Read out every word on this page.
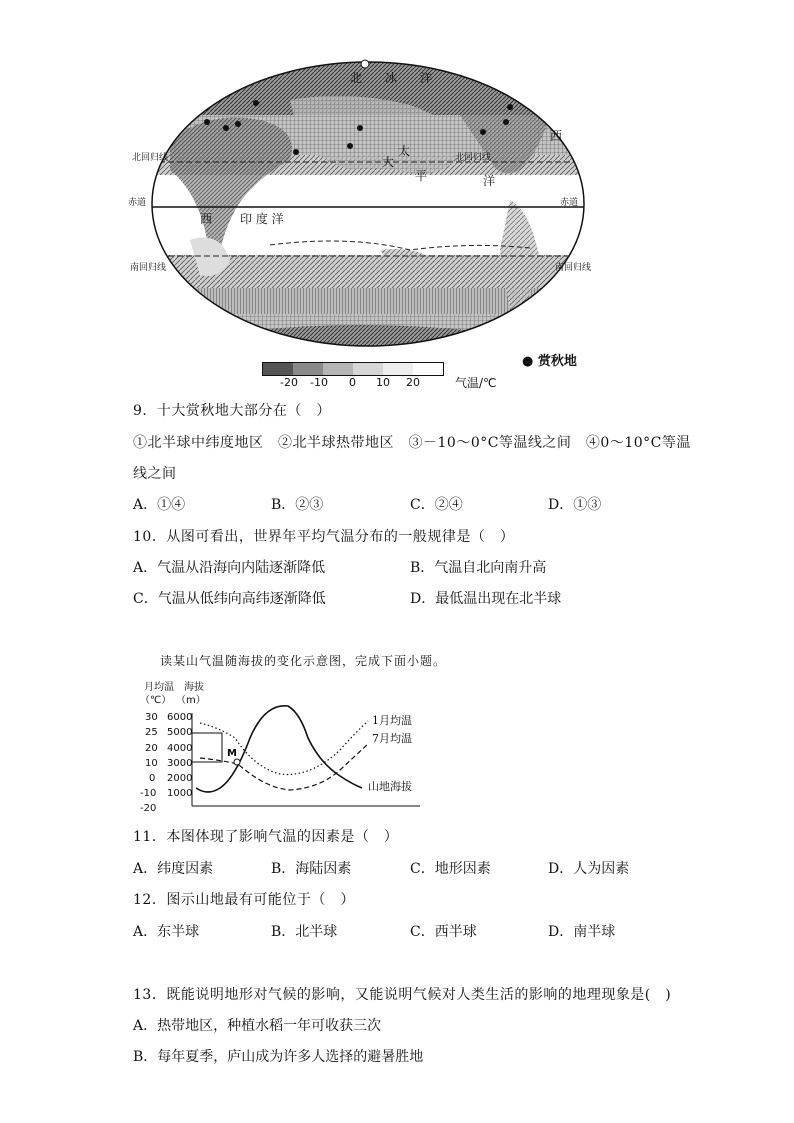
北回归线
北回归线
赤道	赤道
南回归线	南回归线
西 印 度 洋
太
平	洋
北 冰 洋
西
大
● 赏秋地
-20 -10 0 10 20	气温/℃
9．十大赏秋地大部分在（　）
①北半球中纬度地区　②北半球热带地区　③－10～0°C等温线之间　④0～10°C等温
线之间
A．①④	B．②③	C．②④	D．①③
10．从图可看出，世界年平均气温分布的一般规律是（　）
A．气温从沿海向内陆逐渐降低	B．气温自北向南升高
C．气温从低纬向高纬逐渐降低	D．最低温出现在北半球
读某山气温随海拔的变化示意图，完成下面小题。
月均温 海拔
（℃） （m）
30
25
20
10
0
-10
-20
6000
5000
4000
3000
2000
1000
M
1月均温
7月均温
山地海拔
11．本图体现了影响气温的因素是（　）
A．纬度因素	B．海陆因素	C．地形因素	D．人为因素
12．图示山地最有可能位于（　）
A．东半球	B．北半球	C．西半球	D．南半球
13．既能说明地形对气候的影响，又能说明气候对人类生活的影响的地理现象是(　)
A．热带地区，种植水稻一年可收获三次
B．每年夏季，庐山成为许多人选择的避暑胜地
